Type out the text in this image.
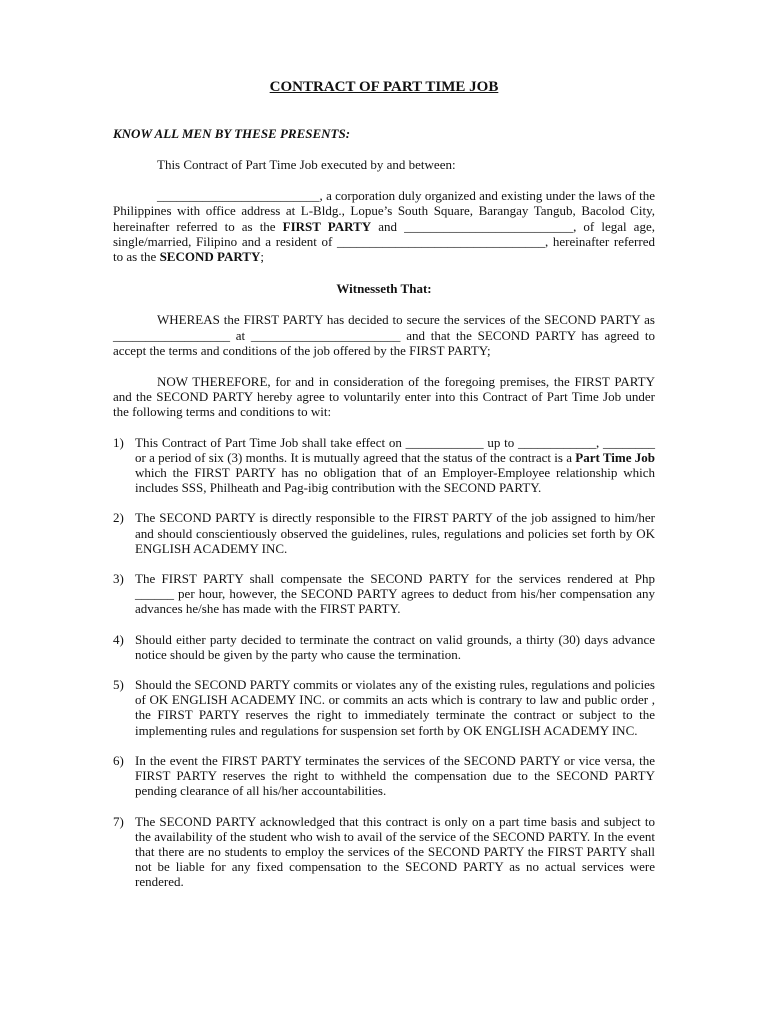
CONTRACT OF PART TIME JOB

KNOW ALL MEN BY THESE PRESENTS:

This Contract of Part Time Job executed by and between:

_________________________, a corporation duly organized and existing under the laws of the Philippines with office address at L-Bldg., Lopue’s South Square, Barangay Tangub, Bacolod City, hereinafter referred to as the FIRST PARTY and __________________________, of legal age, single/married, Filipino and a resident of ________________________________, hereinafter referred to as the SECOND PARTY;

Witnesseth That:

WHEREAS the FIRST PARTY has decided to secure the services of the SECOND PARTY as __________________ at _______________________ and that the SECOND PARTY has agreed to accept the terms and conditions of the job offered by the FIRST PARTY;

NOW THEREFORE, for and in consideration of the foregoing premises, the FIRST PARTY and the SECOND PARTY hereby agree to voluntarily enter into this Contract of Part Time Job under the following terms and conditions to wit:

1) This Contract of Part Time Job shall take effect on ____________ up to ____________, ________ or a period of six (3) months. It is mutually agreed that the status of the contract is a Part Time Job which the FIRST PARTY has no obligation that of an Employer-Employee relationship which includes SSS, Philheath and Pag-ibig contribution with the SECOND PARTY.
2) The SECOND PARTY is directly responsible to the FIRST PARTY of the job assigned to him/her and should conscientiously observed the guidelines, rules, regulations and policies set forth by OK ENGLISH ACADEMY INC.
3) The FIRST PARTY shall compensate the SECOND PARTY for the services rendered at Php ______ per hour, however, the SECOND PARTY agrees to deduct from his/her compensation any advances he/she has made with the FIRST PARTY.
4) Should either party decided to terminate the contract on valid grounds, a thirty (30) days advance notice should be given by the party who cause the termination.
5) Should the SECOND PARTY commits or violates any of the existing rules, regulations and policies of OK ENGLISH ACADEMY INC. or commits an acts which is contrary to law and public order , the FIRST PARTY reserves the right to immediately terminate the contract or subject to the implementing rules and regulations for suspension set forth by OK ENGLISH ACADEMY INC.
6) In the event the FIRST PARTY terminates the services of the SECOND PARTY or vice versa, the FIRST PARTY reserves the right to withheld the compensation due to the SECOND PARTY pending clearance of all his/her accountabilities.
7) The SECOND PARTY acknowledged that this contract is only on a part time basis and subject to the availability of the student who wish to avail of the service of the SECOND PARTY. In the event that there are no students to employ the services of the SECOND PARTY the FIRST PARTY shall not be liable for any fixed compensation to the SECOND PARTY as no actual services were rendered.
